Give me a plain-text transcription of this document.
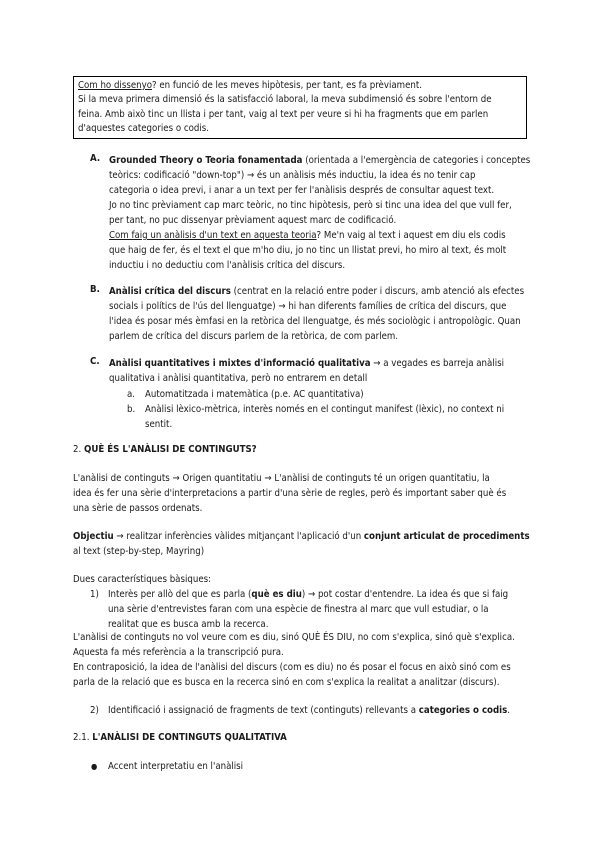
Com ho dissenyo? en funció de les meves hipòtesis, per tant, es fa prèviament.
Si la meva primera dimensió és la satisfacció laboral, la meva subdimensió és sobre l'entorn de
feina. Amb això tinc un llista i per tant, vaig al text per veure si hi ha fragments que em parlen
d'aquestes categories o codis.
A. Grounded Theory o Teoria fonamentada (orientada a l'emergència de categories i conceptes
teòrics: codificació "down-top") → és un anàlisis més inductiu, la idea és no tenir cap
categoria o idea previ, i anar a un text per fer l'anàlisis després de consultar aquest text.
Jo no tinc prèviament cap marc teòric, no tinc hipòtesis, però si tinc una idea del que vull fer,
per tant, no puc dissenyar prèviament aquest marc de codificació.
Com faig un anàlisis d'un text en aquesta teoria? Me'n vaig al text i aquest em diu els codis
que haig de fer, és el text el que m'ho diu, jo no tinc un llistat previ, ho miro al text, és molt
inductiu i no deductiu com l'anàlisis crítica del discurs.
B. Anàlisi crítica del discurs (centrat en la relació entre poder i discurs, amb atenció als efectes
socials i polítics de l'ús del llenguatge) → hi han diferents famílies de crítica del discurs, que
l'idea és posar més èmfasi en la retòrica del llenguatge, és més sociològic i antropològic. Quan
parlem de crítica del discurs parlem de la retòrica, de com parlem.
C. Anàlisi quantitatives i mixtes d'informació qualitativa → a vegades es barreja anàlisi
qualitativa i anàlisi quantitativa, però no entrarem en detall
a. Automatitzada i matemàtica (p.e. AC quantitativa)
b. Anàlisi lèxico-mètrica, interès només en el contingut manifest (lèxic), no context ni
sentit.
2. QUÈ ÉS L'ANÀLISI DE CONTINGUTS?
L'anàlisi de continguts → Origen quantitatiu → L'anàlisi de continguts té un origen quantitatiu, la
idea és fer una sèrie d'interpretacions a partir d'una sèrie de regles, però és important saber què és
una sèrie de passos ordenats.
Objectiu → realitzar inferències vàlides mitjançant l'aplicació d'un conjunt articulat de procediments
al text (step-by-step, Mayring)
Dues característiques bàsiques:
1) Interès per allò del que es parla (què es diu) → pot costar d'entendre. La idea és que si faig
una sèrie d'entrevistes faran com una espècie de finestra al marc que vull estudiar, o la
realitat que es busca amb la recerca.
L'anàlisi de continguts no vol veure com es diu, sinó QUÈ ÉS DIU, no com s'explica, sinó què s'explica.
Aquesta fa més referència a la transcripció pura.
En contraposició, la idea de l'anàlisi del discurs (com es diu) no és posar el focus en això sinó com es
parla de la relació que es busca en la recerca sinó en com s'explica la realitat a analitzar (discurs).
2) Identificació i assignació de fragments de text (continguts) rellevants a categories o codis.
2.1. L'ANÀLISI DE CONTINGUTS QUALITATIVA
● Accent interpretatiu en l'anàlisi
